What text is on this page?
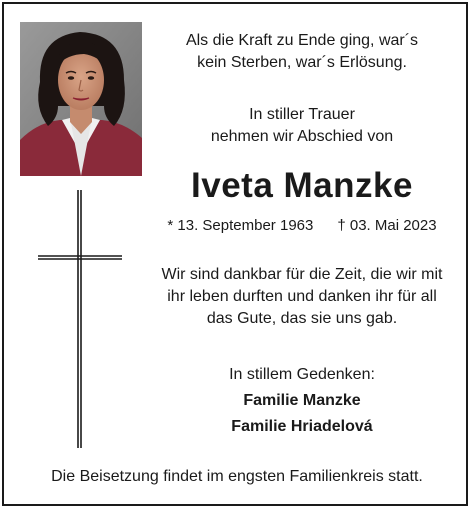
Als die Kraft zu Ende ging, war´s
kein Sterben, war´s Erlösung.
In stiller Trauer
nehmen wir Abschied von
Iveta Manzke
* 13. September 1963 † 03. Mai 2023
Wir sind dankbar für die Zeit, die wir mit
ihr leben durften und danken ihr für all
das Gute, das sie uns gab.
In stillem Gedenken:
Familie Manzke
Familie Hriadelová
Die Beisetzung findet im engsten Familienkreis statt.
